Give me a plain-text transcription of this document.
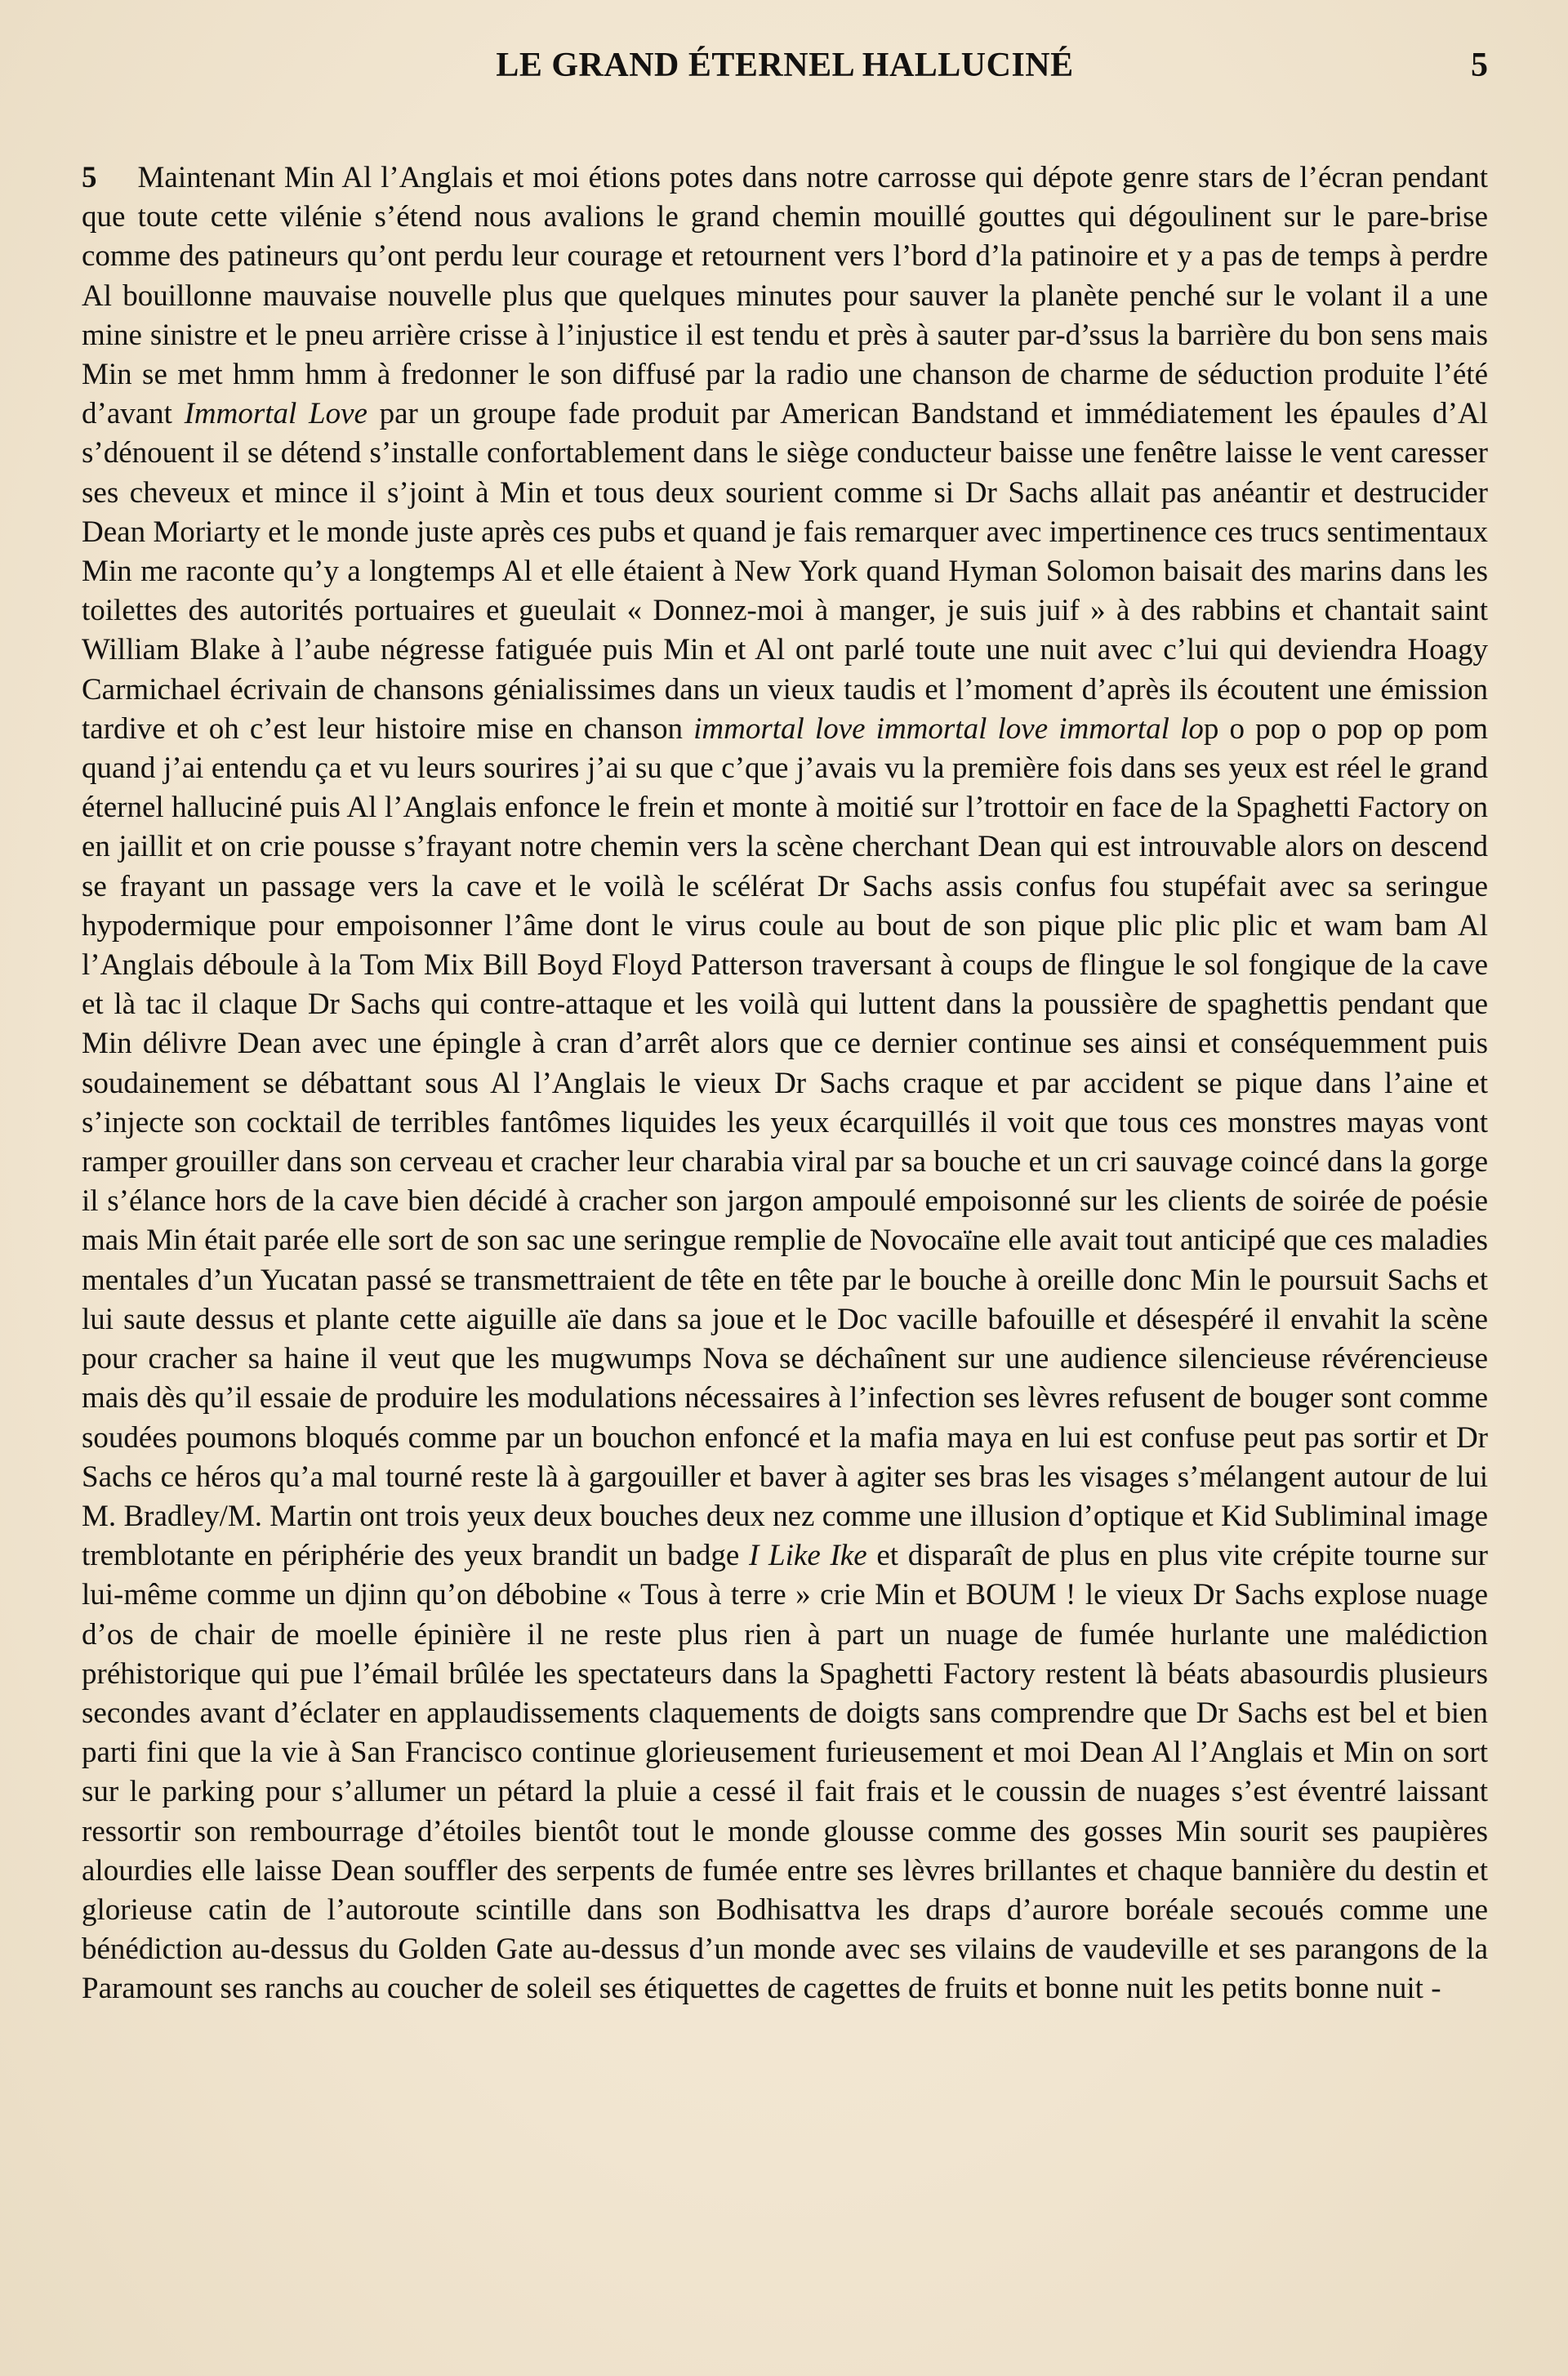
LE GRAND ÉTERNEL HALLUCINÉ	5

5 Maintenant Min Al l’Anglais et moi étions potes dans notre carrosse qui dépote genre stars de l’écran pendant que toute cette vilénie s’étend nous avalions le grand chemin mouillé gouttes qui dégoulinent sur le pare-brise comme des patineurs qu’ont perdu leur courage et retournent vers l’bord d’la patinoire et y a pas de temps à perdre Al bouillonne mauvaise nouvelle plus que quelques minutes pour sauver la planète penché sur le volant il a une mine sinistre et le pneu arrière crisse à l’injustice il est tendu et près à sauter par-d’ssus la barrière du bon sens mais Min se met hmm hmm à fredonner le son diffusé par la radio une chanson de charme de séduction produite l’été d’avant Immortal Love par un groupe fade produit par American Bandstand et immédiatement les épaules d’Al s’dénouent il se détend s’installe confortablement dans le siège conducteur baisse une fenêtre laisse le vent caresser ses cheveux et mince il s’joint à Min et tous deux sourient comme si Dr Sachs allait pas anéantir et destrucider Dean Moriarty et le monde juste après ces pubs et quand je fais remarquer avec impertinence ces trucs sentimentaux Min me raconte qu’y a longtemps Al et elle étaient à New York quand Hyman Solomon baisait des marins dans les toilettes des autorités portuaires et gueulait « Donnez-moi à manger, je suis juif » à des rabbins et chantait saint William Blake à l’aube négresse fatiguée puis Min et Al ont parlé toute une nuit avec c’lui qui deviendra Hoagy Carmichael écrivain de chansons génialissimes dans un vieux taudis et l’moment d’après ils écoutent une émission tardive et oh c’est leur histoire mise en chanson immortal love immortal love immortal lop o pop o pop op pom quand j’ai entendu ça et vu leurs sourires j’ai su que c’que j’avais vu la première fois dans ses yeux est réel le grand éternel halluciné puis Al l’Anglais enfonce le frein et monte à moitié sur l’trottoir en face de la Spaghetti Factory on en jaillit et on crie pousse s’frayant notre chemin vers la scène cherchant Dean qui est introuvable alors on descend se frayant un passage vers la cave et le voilà le scélérat Dr Sachs assis confus fou stupéfait avec sa seringue hypodermique pour empoisonner l’âme dont le virus coule au bout de son pique plic plic plic et wam bam Al l’Anglais déboule à la Tom Mix Bill Boyd Floyd Patterson traversant à coups de flingue le sol fongique de la cave et là tac il claque Dr Sachs qui contre-attaque et les voilà qui luttent dans la poussière de spaghettis pendant que Min délivre Dean avec une épingle à cran d’arrêt alors que ce dernier continue ses ainsi et conséquemment puis soudainement se débattant sous Al l’Anglais le vieux Dr Sachs craque et par accident se pique dans l’aine et s’injecte son cocktail de terribles fantômes liquides les yeux écarquillés il voit que tous ces monstres mayas vont ramper grouiller dans son cerveau et cracher leur charabia viral par sa bouche et un cri sauvage coincé dans la gorge il s’élance hors de la cave bien décidé à cracher son jargon ampoulé empoisonné sur les clients de soirée de poésie mais Min était parée elle sort de son sac une seringue remplie de Novocaïne elle avait tout anticipé que ces maladies mentales d’un Yucatan passé se transmettraient de tête en tête par le bouche à oreille donc Min le poursuit Sachs et lui saute dessus et plante cette aiguille aïe dans sa joue et le Doc vacille bafouille et désespéré il envahit la scène pour cracher sa haine il veut que les mugwumps Nova se déchaînent sur une audience silencieuse révérencieuse mais dès qu’il essaie de produire les modulations nécessaires à l’infection ses lèvres refusent de bouger sont comme soudées poumons bloqués comme par un bouchon enfoncé et la mafia maya en lui est confuse peut pas sortir et Dr Sachs ce héros qu’a mal tourné reste là à gargouiller et baver à agiter ses bras les visages s’mélangent autour de lui M. Bradley/M. Martin ont trois yeux deux bouches deux nez comme une illusion d’optique et Kid Subliminal image tremblotante en périphérie des yeux brandit un badge I Like Ike et disparaît de plus en plus vite crépite tourne sur lui-même comme un djinn qu’on débobine « Tous à terre » crie Min et BOUM ! le vieux Dr Sachs explose nuage d’os de chair de moelle épinière il ne reste plus rien à part un nuage de fumée hurlante une malédiction préhistorique qui pue l’émail brûlée les spectateurs dans la Spaghetti Factory restent là béats abasourdis plusieurs secondes avant d’éclater en applaudissements claquements de doigts sans comprendre que Dr Sachs est bel et bien parti fini que la vie à San Francisco continue glorieusement furieusement et moi Dean Al l’Anglais et Min on sort sur le parking pour s’allumer un pétard la pluie a cessé il fait frais et le coussin de nuages s’est éventré laissant ressortir son rembourrage d’étoiles bientôt tout le monde glousse comme des gosses Min sourit ses paupières alourdies elle laisse Dean souffler des serpents de fumée entre ses lèvres brillantes et chaque bannière du destin et glorieuse catin de l’autoroute scintille dans son Bodhisattva les draps d’aurore boréale secoués comme une bénédiction au-dessus du Golden Gate au-dessus d’un monde avec ses vilains de vaudeville et ses parangons de la Paramount ses ranchs au coucher de soleil ses étiquettes de cagettes de fruits et bonne nuit les petits bonne nuit -
